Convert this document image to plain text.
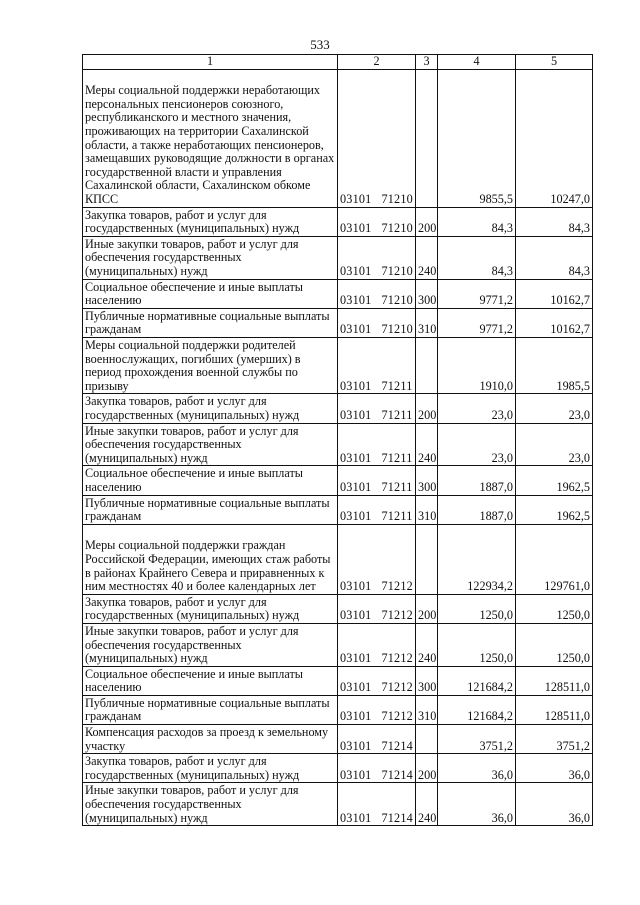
533
1	2	3	4	5
Меры социальной поддержки неработающих персональных пенсионеров союзного, республиканского и местного значения, проживающих на территории Сахалинской области, а также неработающих пенсионеров, замещавших руководящие должности в органах государственной власти и управления Сахалинской области, Сахалинском обкоме КПСС	03101 71210		9855,5	10247,0
Закупка товаров, работ и услуг для государственных (муниципальных) нужд	03101 71210	200	84,3	84,3
Иные закупки товаров, работ и услуг для обеспечения государственных (муниципальных) нужд	03101 71210	240	84,3	84,3
Социальное обеспечение и иные выплаты населению	03101 71210	300	9771,2	10162,7
Публичные нормативные социальные выплаты гражданам	03101 71210	310	9771,2	10162,7
Меры социальной поддержки родителей военнослужащих, погибших (умерших) в период прохождения военной службы по призыву	03101 71211		1910,0	1985,5
Закупка товаров, работ и услуг для государственных (муниципальных) нужд	03101 71211	200	23,0	23,0
Иные закупки товаров, работ и услуг для обеспечения государственных (муниципальных) нужд	03101 71211	240	23,0	23,0
Социальное обеспечение и иные выплаты населению	03101 71211	300	1887,0	1962,5
Публичные нормативные социальные выплаты гражданам	03101 71211	310	1887,0	1962,5
Меры социальной поддержки граждан Российской Федерации, имеющих стаж работы в районах Крайнего Севера и приравненных к ним местностях 40 и более календарных лет	03101 71212		122934,2	129761,0
Закупка товаров, работ и услуг для государственных (муниципальных) нужд	03101 71212	200	1250,0	1250,0
Иные закупки товаров, работ и услуг для обеспечения государственных (муниципальных) нужд	03101 71212	240	1250,0	1250,0
Социальное обеспечение и иные выплаты населению	03101 71212	300	121684,2	128511,0
Публичные нормативные социальные выплаты гражданам	03101 71212	310	121684,2	128511,0
Компенсация расходов за проезд к земельному участку	03101 71214		3751,2	3751,2
Закупка товаров, работ и услуг для государственных (муниципальных) нужд	03101 71214	200	36,0	36,0
Иные закупки товаров, работ и услуг для обеспечения государственных (муниципальных) нужд	03101 71214	240	36,0	36,0
